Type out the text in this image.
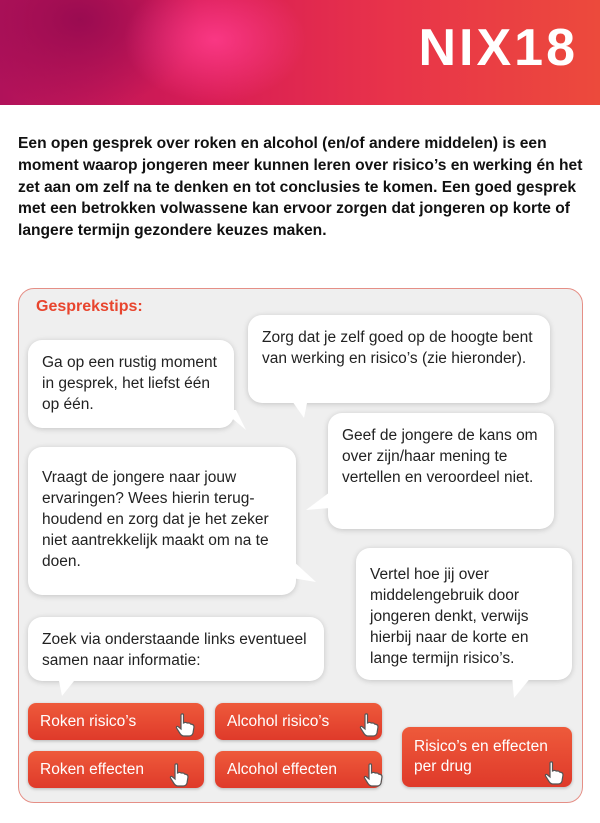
NIX18

Een open gesprek over roken en alcohol (en/of andere middelen) is een moment waarop jongeren meer kunnen leren over risico’s en werking én het zet aan om zelf na te denken en tot conclusies te komen. Een goed gesprek met een betrokken volwassene kan ervoor zorgen dat jongeren op korte of langere termijn gezondere keuzes maken.

Gesprekstips:
Ga op een rustig moment in gesprek, het liefst één op één.
Zorg dat je zelf goed op de hoogte bent van werking en risico’s (zie hieronder).
Geef de jongere de kans om over zijn/haar mening te vertellen en veroordeel niet.
Vraagt de jongere naar jouw ervaringen? Wees hierin terug- houdend en zorg dat je het zeker niet aantrekkelijk maakt om na te doen.
Vertel hoe jij over middelengebruik door jongeren denkt, verwijs hierbij naar de korte en lange termijn risico’s.
Zoek via onderstaande links eventueel samen naar informatie:
Roken risico’s	Alcohol risico’s
Risico’s en effecten per drug
Roken effecten	Alcohol effecten
